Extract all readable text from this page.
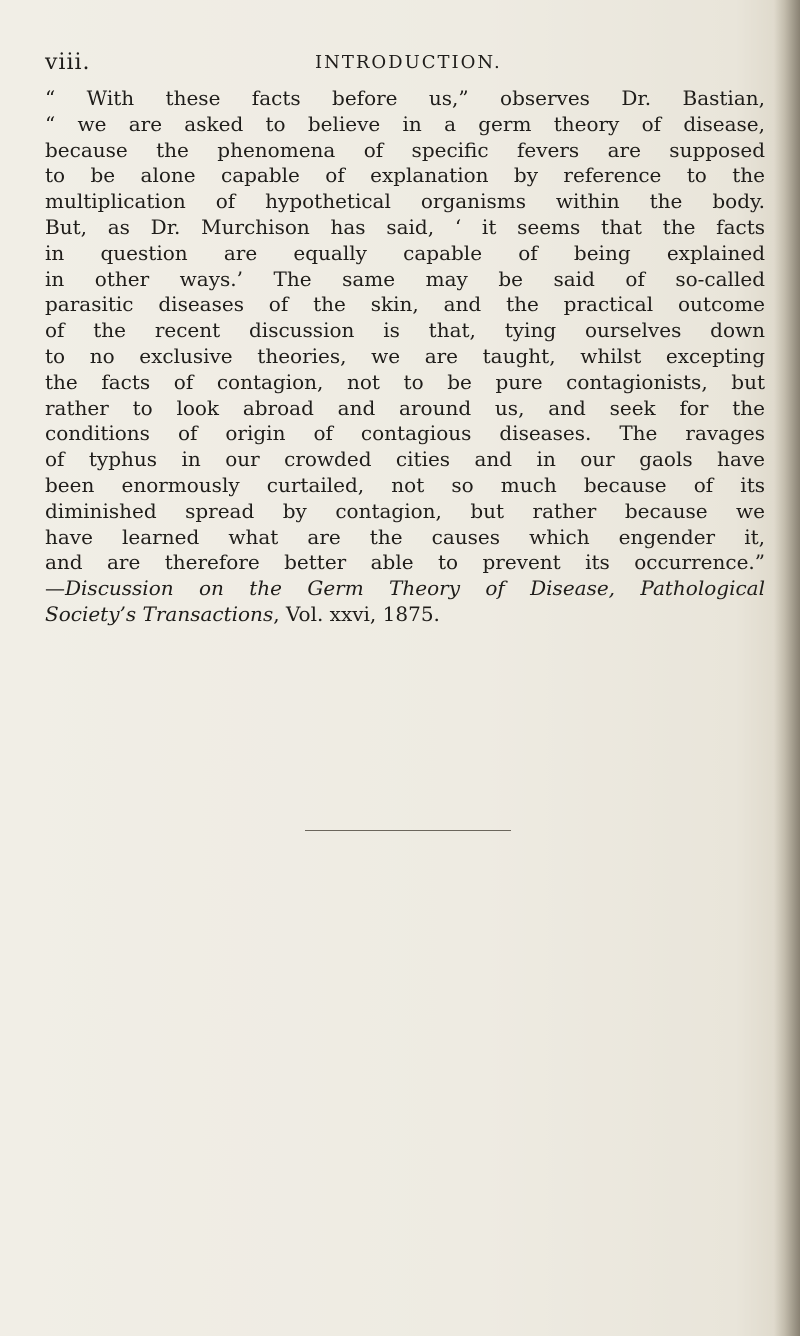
viii.	INTRODUCTION.
“ With these facts before us,” observes Dr. Bastian,
“ we are asked to believe in a germ theory of disease,
because the phenomena of specific fevers are supposed
to be alone capable of explanation by reference to the
multiplication of hypothetical organisms within the body.
But, as Dr. Murchison has said, ‘ it seems that the facts
in question are equally capable of being explained
in other ways.’ The same may be said of so-called
parasitic diseases of the skin, and the practical outcome
of the recent discussion is that, tying ourselves down
to no exclusive theories, we are taught, whilst excepting
the facts of contagion, not to be pure contagionists, but
rather to look abroad and around us, and seek for the
conditions of origin of contagious diseases. The ravages
of typhus in our crowded cities and in our gaols have
been enormously curtailed, not so much because of its
diminished spread by contagion, but rather because we
have learned what are the causes which engender it,
and are therefore better able to prevent its occurrence.”
—Discussion on the Germ Theory of Disease, Pathological
Society’s Transactions, Vol. xxvi, 1875.
